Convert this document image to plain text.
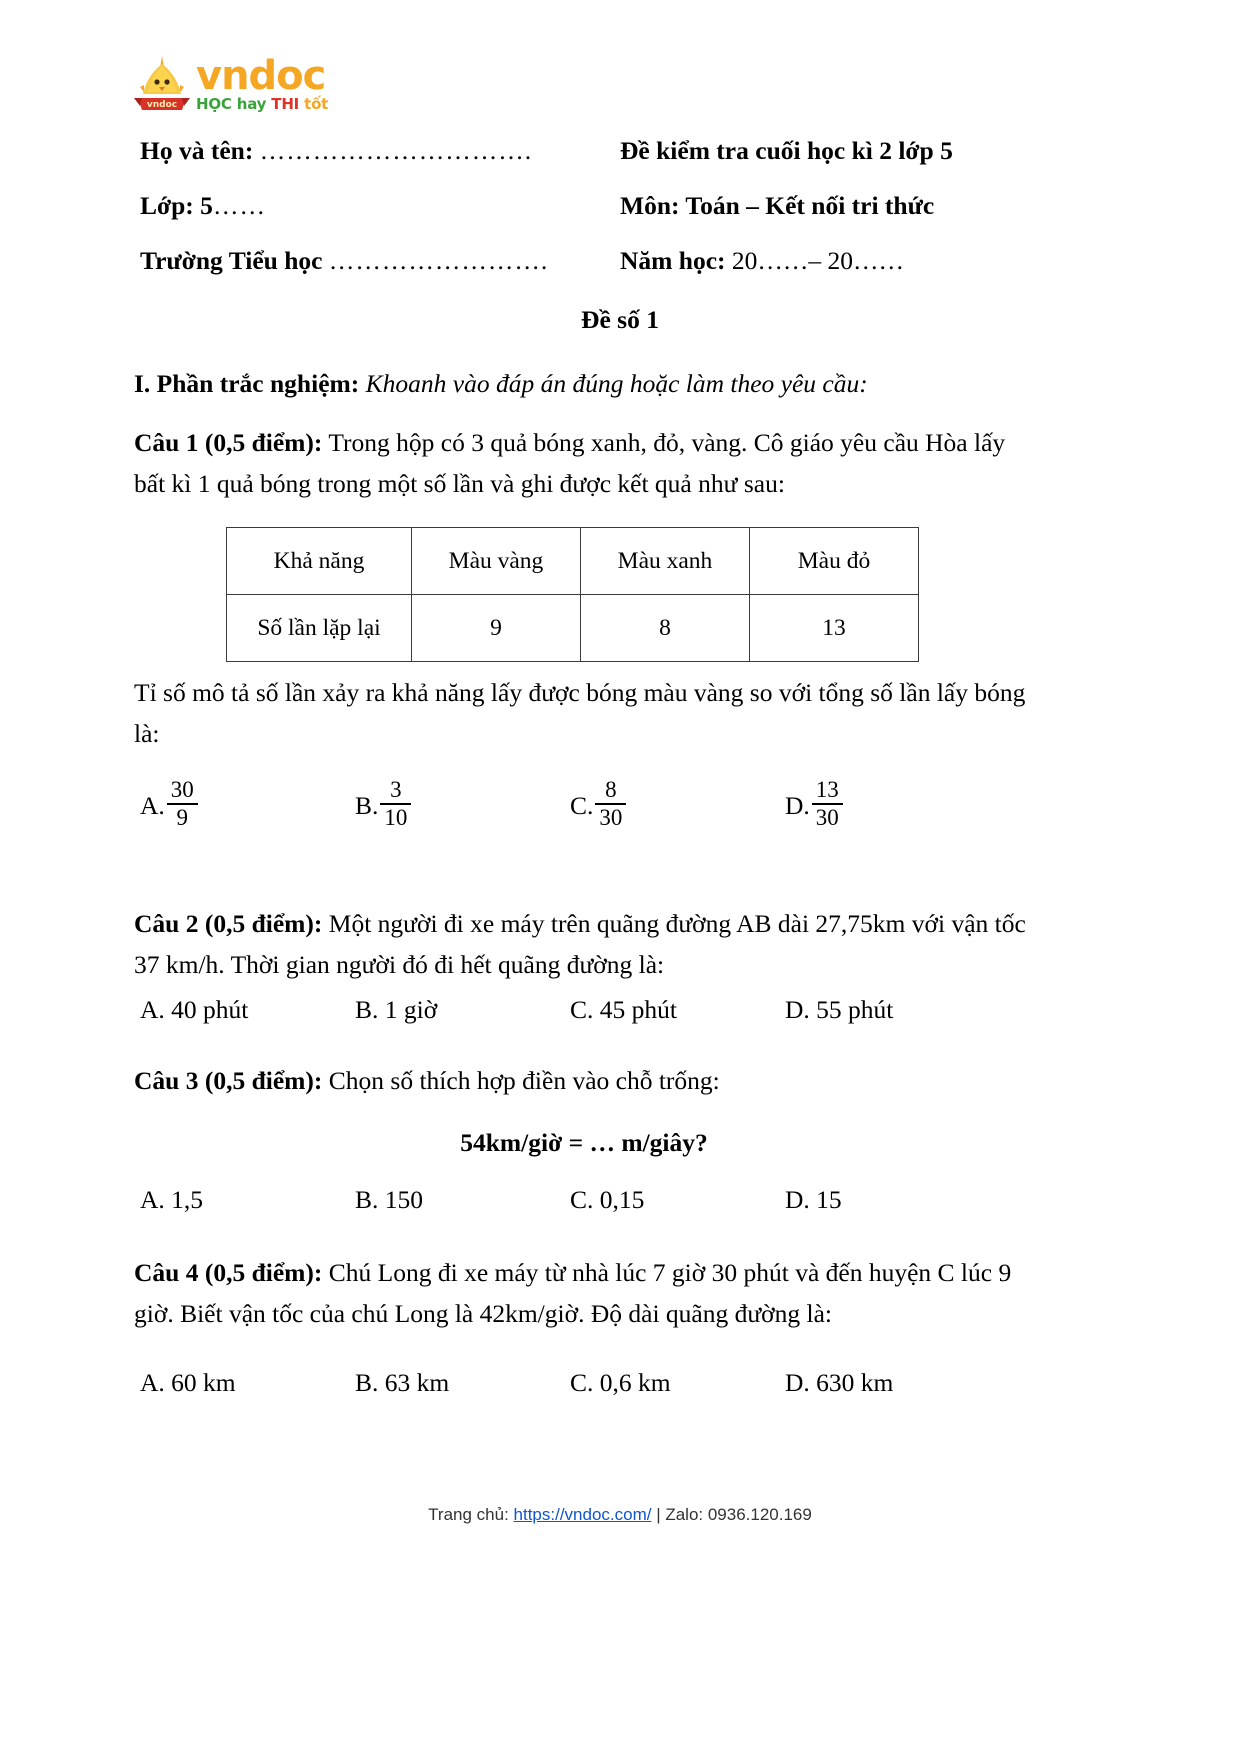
vndoc
vndoc
HỌC hay THI tốt
Họ và tên: ………………………….	Đề kiểm tra cuối học kì 2 lớp 5
Lớp: 5……	Môn: Toán – Kết nối tri thức
Trường Tiểu học …………………….	Năm học: 20……– 20……
Đề số 1
I. Phần trắc nghiệm: Khoanh vào đáp án đúng hoặc làm theo yêu cầu:
Câu 1 (0,5 điểm): Trong hộp có 3 quả bóng xanh, đỏ, vàng. Cô giáo yêu cầu Hòa lấy bất kì 1 quả bóng trong một số lần và ghi được kết quả như sau:
Khả năng	Màu vàng	Màu xanh	Màu đỏ
Số lần lặp lại	9	8	13
Tỉ số mô tả số lần xảy ra khả năng lấy được bóng màu vàng so với tổng số lần lấy bóng là:
A. $\frac{30}{9}$	B. $\frac{3}{10}$	C. $\frac{8}{30}$	D. $\frac{13}{30}$
Câu 2 (0,5 điểm): Một người đi xe máy trên quãng đường AB dài 27,75km với vận tốc 37 km/h. Thời gian người đó đi hết quãng đường là:
A. 40 phút	B. 1 giờ	C. 45 phút	D. 55 phút
Câu 3 (0,5 điểm): Chọn số thích hợp điền vào chỗ trống:
54km/giờ = … m/giây?
A. 1,5	B. 150	C. 0,15	D. 15
Câu 4 (0,5 điểm): Chú Long đi xe máy từ nhà lúc 7 giờ 30 phút và đến huyện C lúc 9 giờ. Biết vận tốc của chú Long là 42km/giờ. Độ dài quãng đường là:
A. 60 km	B. 63 km	C. 0,6 km	D. 630 km
Trang chủ: https://vndoc.com/ | Zalo: 0936.120.169
